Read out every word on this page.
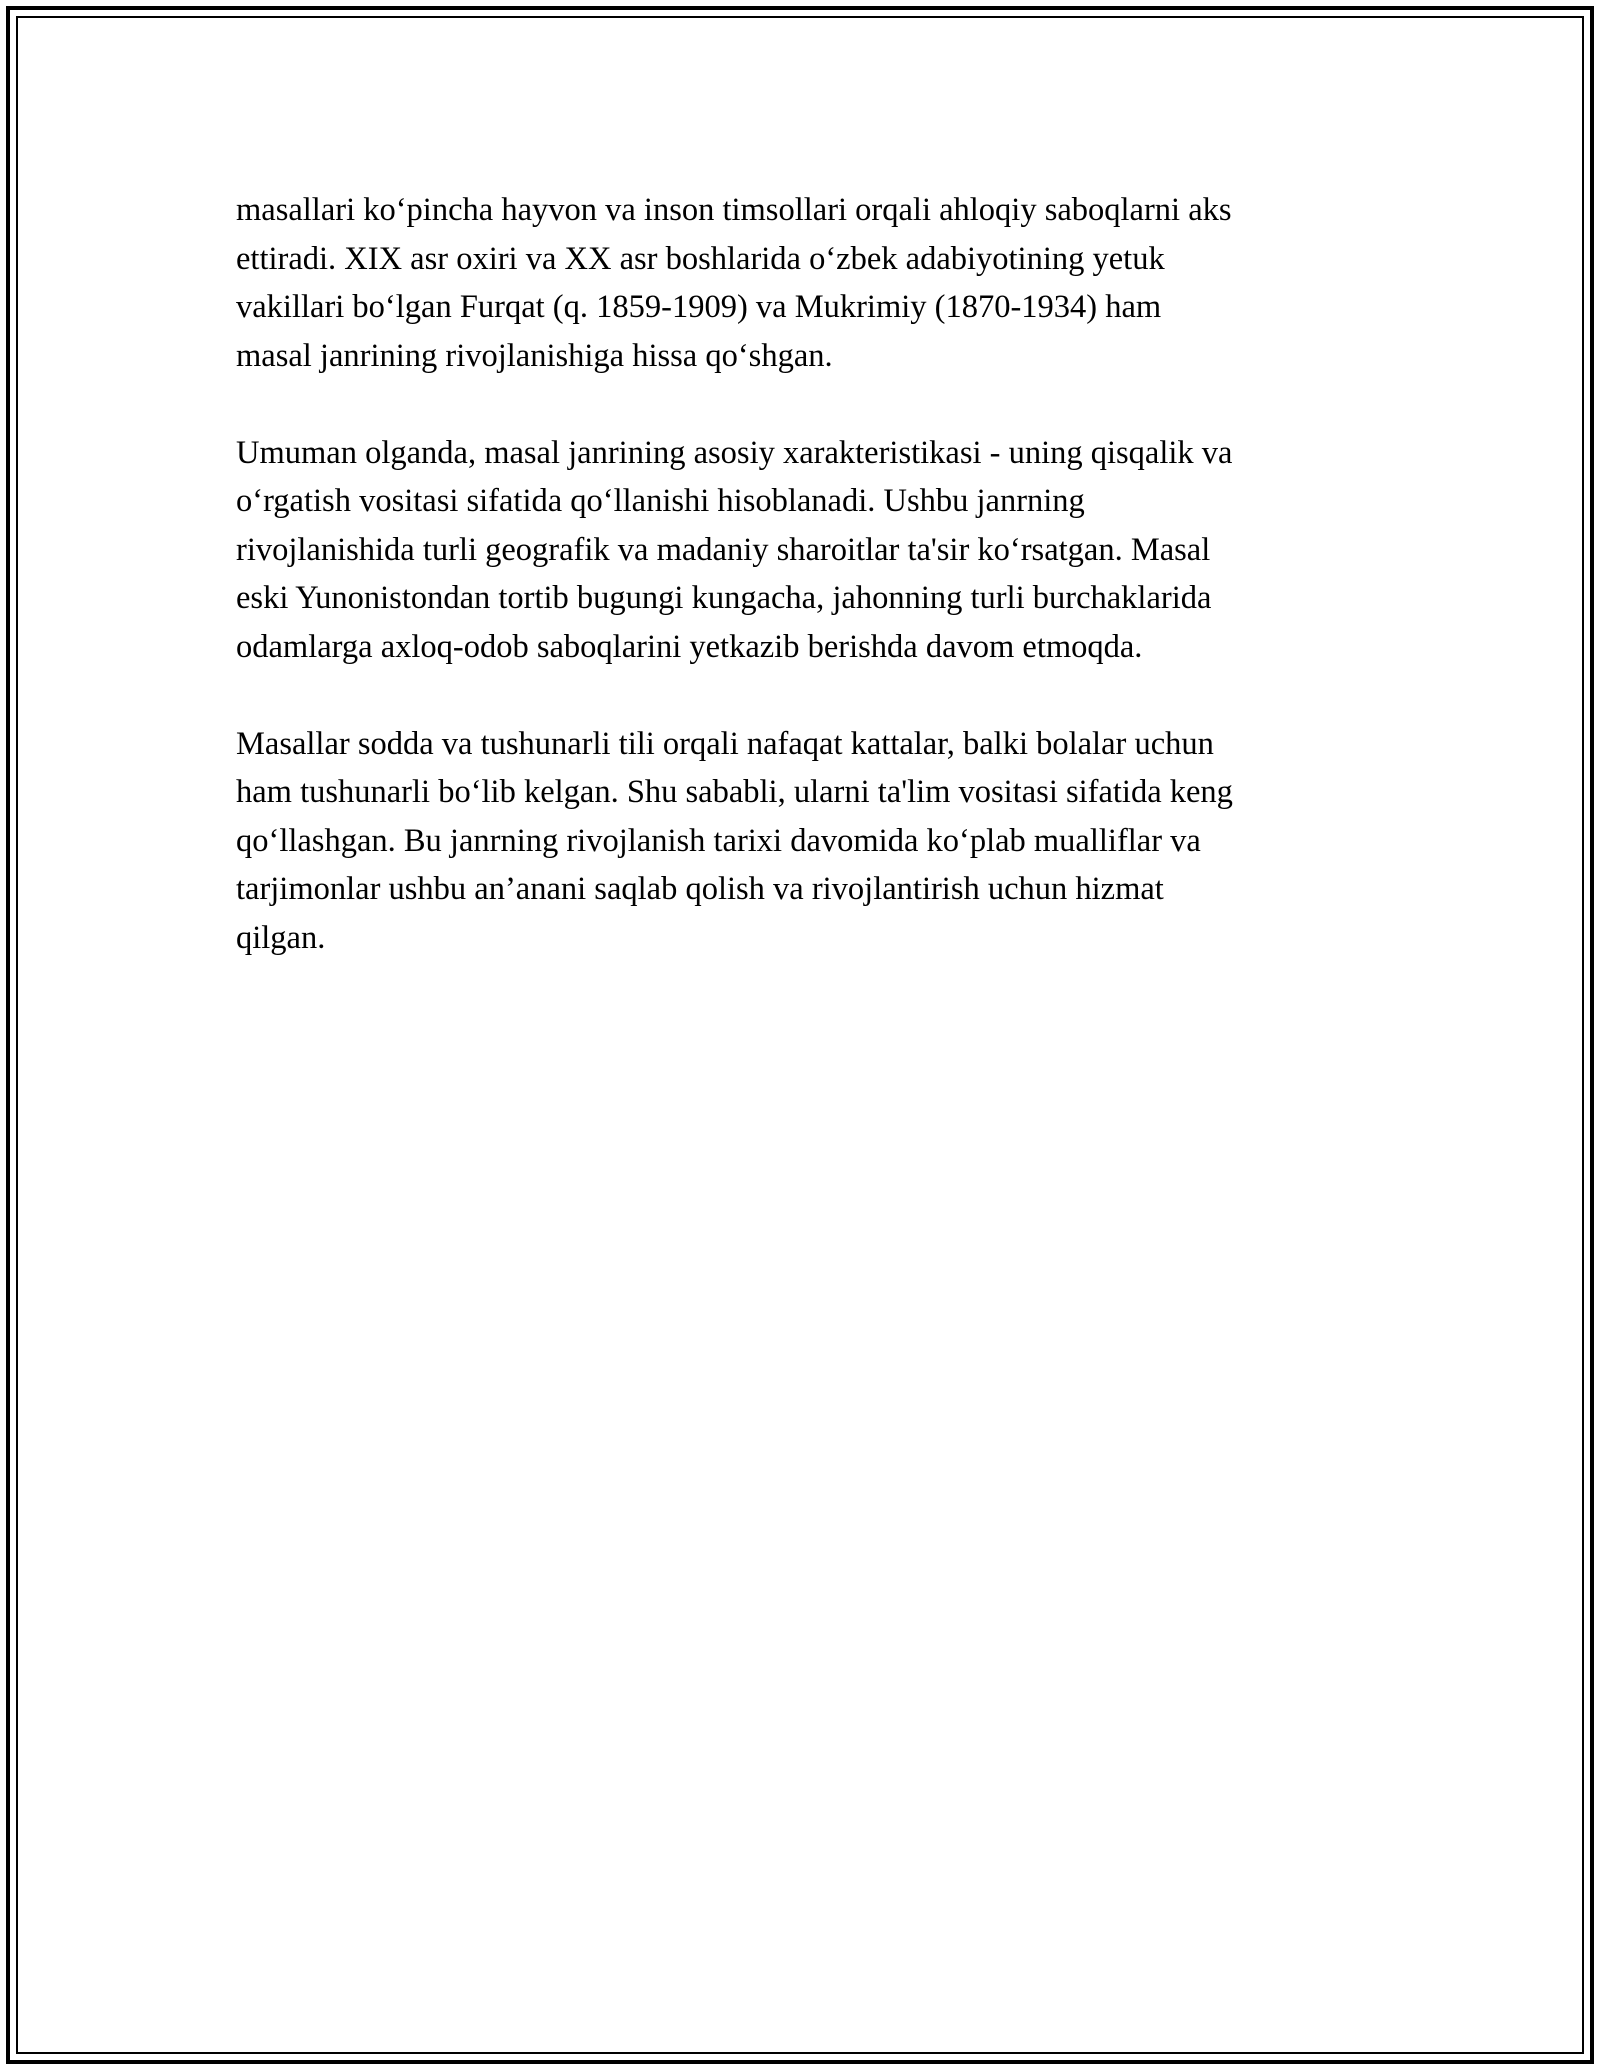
masallari ko‘pincha hayvon va inson timsollari orqali ahloqiy saboqlarni aks
ettiradi. XIX asr oxiri va XX asr boshlarida o‘zbek adabiyotining yetuk
vakillari bo‘lgan Furqat (q. 1859-1909) va Mukrimiy (1870-1934) ham
masal janrining rivojlanishiga hissa qo‘shgan.

Umuman olganda, masal janrining asosiy xarakteristikasi - uning qisqalik va
o‘rgatish vositasi sifatida qo‘llanishi hisoblanadi. Ushbu janrning
rivojlanishida turli geografik va madaniy sharoitlar ta'sir ko‘rsatgan. Masal
eski Yunonistondan tortib bugungi kungacha, jahonning turli burchaklarida
odamlarga axloq-odob saboqlarini yetkazib berishda davom etmoqda.

Masallar sodda va tushunarli tili orqali nafaqat kattalar, balki bolalar uchun
ham tushunarli bo‘lib kelgan. Shu sababli, ularni ta'lim vositasi sifatida keng
qo‘llashgan. Bu janrning rivojlanish tarixi davomida ko‘plab mualliflar va
tarjimonlar ushbu an’anani saqlab qolish va rivojlantirish uchun hizmat
qilgan.
